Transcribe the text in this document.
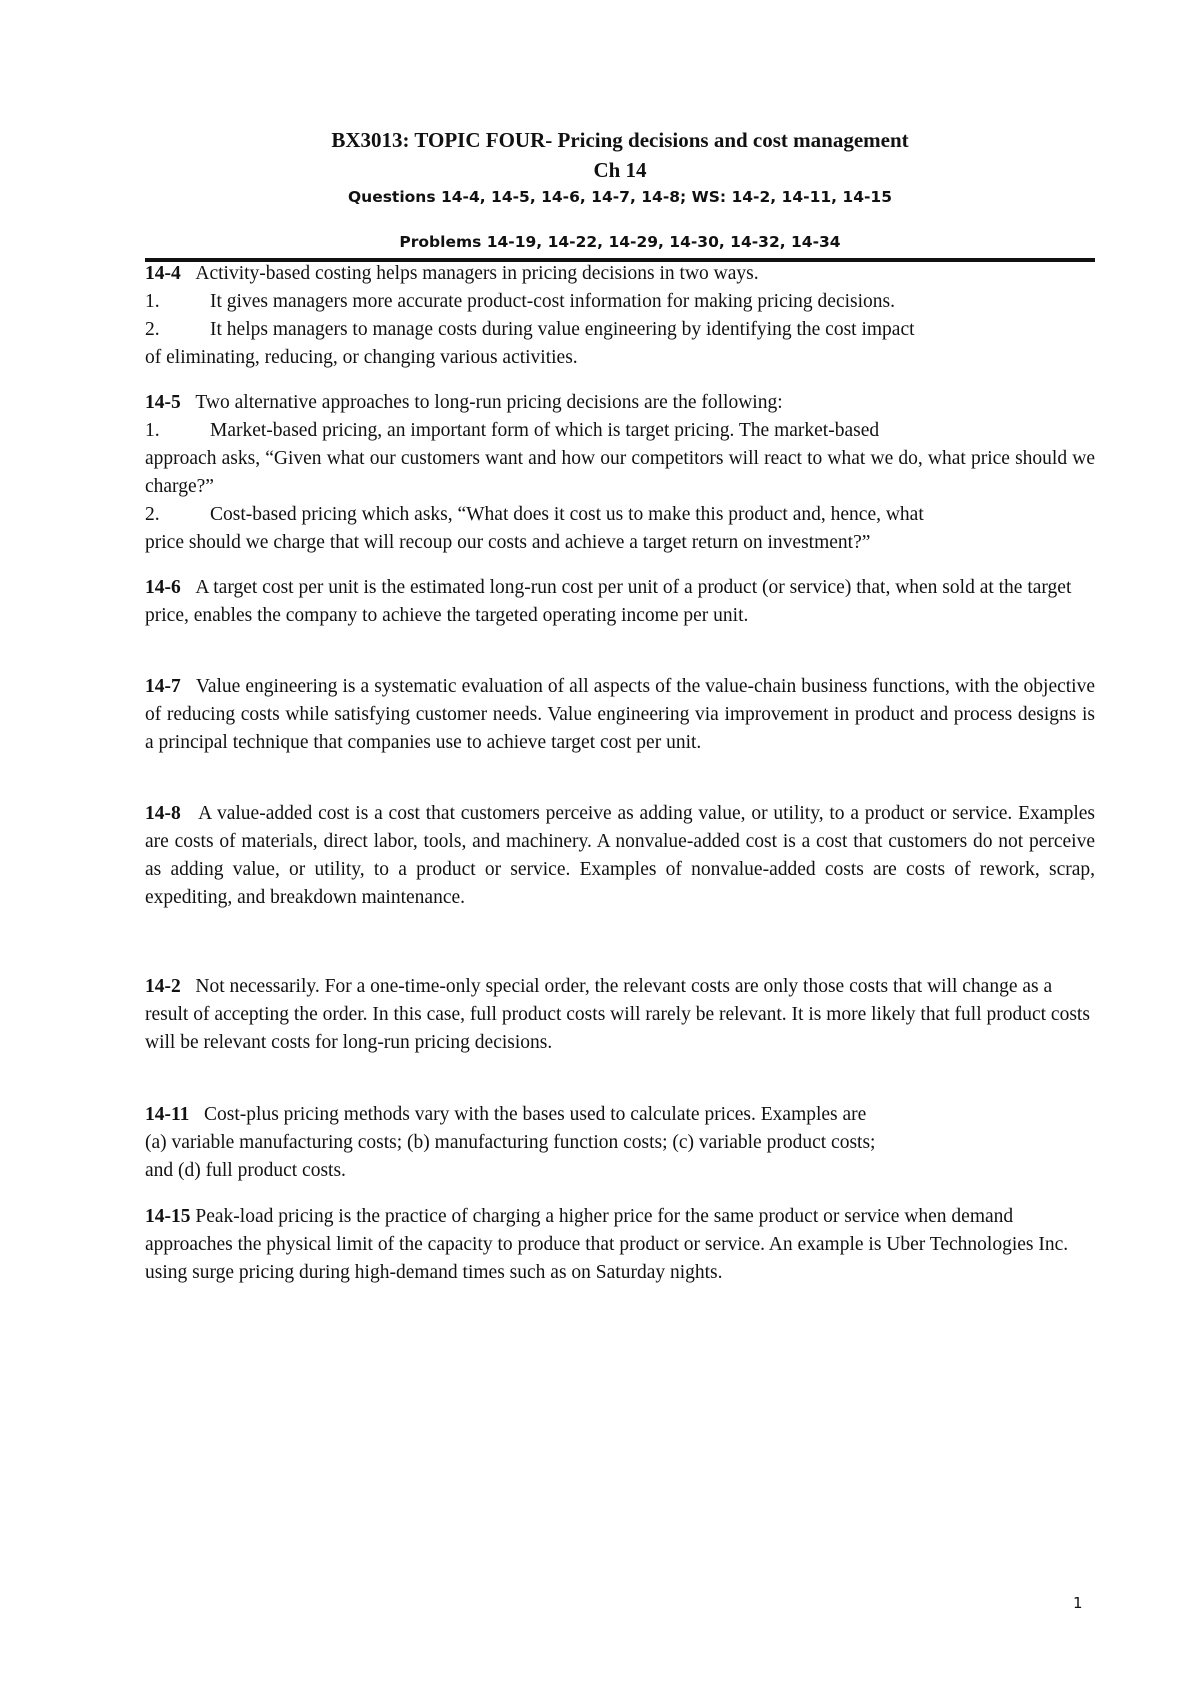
BX3013: TOPIC FOUR- Pricing decisions and cost management
Ch 14
Questions 14-4, 14-5, 14-6, 14-7, 14-8; WS: 14-2, 14-11, 14-15
Problems 14-19, 14-22, 14-29, 14-30, 14-32, 14-34

14-4 Activity-based costing helps managers in pricing decisions in two ways.

1.	It gives managers more accurate product-cost information for making pricing decisions.
2.	It helps managers to manage costs during value engineering by identifying the cost impact

of eliminating, reducing, or changing various activities.

14-5 Two alternative approaches to long-run pricing decisions are the following:

1.	Market-based pricing, an important form of which is target pricing. The market-based

approach asks, “Given what our customers want and how our competitors will react to what we do, what price should we charge?”

2.	Cost-based pricing which asks, “What does it cost us to make this product and, hence, what

price should we charge that will recoup our costs and achieve a target return on investment?”

14-6 A target cost per unit is the estimated long-run cost per unit of a product (or service) that, when sold at the target price, enables the company to achieve the targeted operating income per unit.

14-7 Value engineering is a systematic evaluation of all aspects of the value-chain business functions, with the objective of reducing costs while satisfying customer needs. Value engineering via improvement in product and process designs is a principal technique that companies use to achieve target cost per unit.

14-8 A value-added cost is a cost that customers perceive as adding value, or utility, to a product or service. Examples are costs of materials, direct labor, tools, and machinery. A nonvalue-added cost is a cost that customers do not perceive as adding value, or utility, to a product or service. Examples of nonvalue-added costs are costs of rework, scrap, expediting, and breakdown maintenance.

14-2 Not necessarily. For a one-time-only special order, the relevant costs are only those costs that will change as a result of accepting the order. In this case, full product costs will rarely be relevant. It is more likely that full product costs will be relevant costs for long-run pricing decisions.

14-11 Cost-plus pricing methods vary with the bases used to calculate prices. Examples are

(a) variable manufacturing costs; (b) manufacturing function costs; (c) variable product costs;

and (d) full product costs.

14-15 Peak-load pricing is the practice of charging a higher price for the same product or service when demand approaches the physical limit of the capacity to produce that product or service. An example is Uber Technologies Inc. using surge pricing during high-demand times such as on Saturday nights.

1
